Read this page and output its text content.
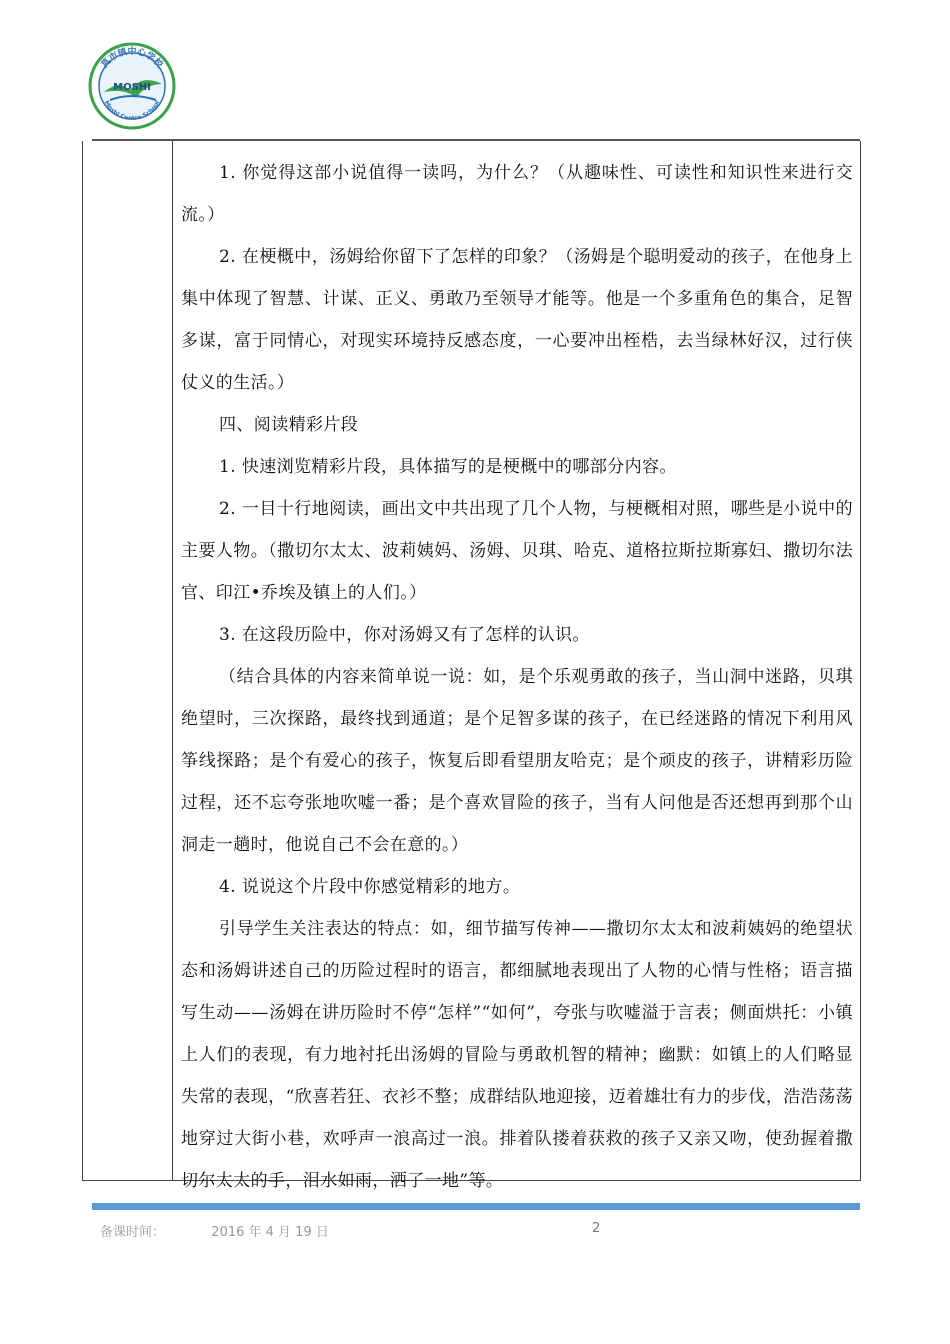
莫市镇中心学校
MOSHI
Moshi Centre School

1. 你觉得这部小说值得一读吗，为什么？（从趣味性、可读性和知识性来进行交流。）

2. 在梗概中，汤姆给你留下了怎样的印象？（汤姆是个聪明爱动的孩子，在他身上集中体现了智慧、计谋、正义、勇敢乃至领导才能等。他是一个多重角色的集合，足智多谋，富于同情心，对现实环境持反感态度，一心要冲出桎梏，去当绿林好汉，过行侠仗义的生活。）

四、阅读精彩片段

1. 快速浏览精彩片段，具体描写的是梗概中的哪部分内容。

2. 一目十行地阅读，画出文中共出现了几个人物，与梗概相对照，哪些是小说中的主要人物。（撒切尔太太、波莉姨妈、汤姆、贝琪、哈克、道格拉斯拉斯寡妇、撒切尔法官、印江•乔埃及镇上的人们。）

3. 在这段历险中，你对汤姆又有了怎样的认识。

（结合具体的内容来简单说一说：如，是个乐观勇敢的孩子，当山洞中迷路，贝琪绝望时，三次探路，最终找到通道；是个足智多谋的孩子，在已经迷路的情况下利用风筝线探路；是个有爱心的孩子，恢复后即看望朋友哈克；是个顽皮的孩子，讲精彩历险过程，还不忘夸张地吹嘘一番；是个喜欢冒险的孩子，当有人问他是否还想再到那个山洞走一趟时，他说自己不会在意的。）

4. 说说这个片段中你感觉精彩的地方。

引导学生关注表达的特点：如，细节描写传神——撒切尔太太和波莉姨妈的绝望状态和汤姆讲述自己的历险过程时的语言，都细腻地表现出了人物的心情与性格；语言描写生动——汤姆在讲历险时不停“怎样”“如何”，夸张与吹嘘溢于言表；侧面烘托：小镇上人们的表现，有力地衬托出汤姆的冒险与勇敢机智的精神；幽默：如镇上的人们略显失常的表现，“欣喜若狂、衣衫不整；成群结队地迎接，迈着雄壮有力的步伐，浩浩荡荡地穿过大街小巷，欢呼声一浪高过一浪。排着队搂着获救的孩子又亲又吻，使劲握着撒切尔太太的手，泪水如雨，洒了一地”等。

备课时间：	2016 年 4 月 19 日	2
